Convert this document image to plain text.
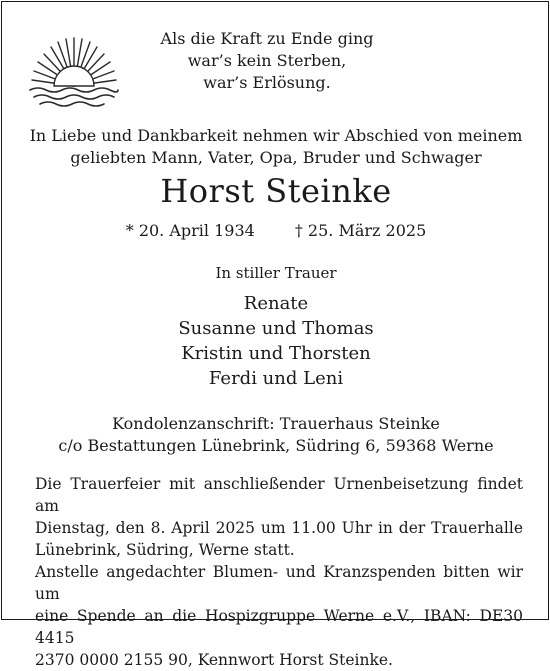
Als die Kraft zu Ende ging
war’s kein Sterben,
war’s Erlösung.
In Liebe und Dankbarkeit nehmen wir Abschied von meinem
geliebten Mann, Vater, Opa, Bruder und Schwager
Horst Steinke
* 20. April 1934	† 25. März 2025
In stiller Trauer
Renate
Susanne und Thomas
Kristin und Thorsten
Ferdi und Leni
Kondolenzanschrift: Trauerhaus Steinke
c/o Bestattungen Lünebrink, Südring 6, 59368 Werne
Die Trauerfeier mit anschließender Urnenbeisetzung findet am
Dienstag, den 8. April 2025 um 11.00 Uhr in der Trauerhalle
Lünebrink, Südring, Werne statt.
Anstelle angedachter Blumen- und Kranzspenden bitten wir um
eine Spende an die Hospizgruppe Werne e.V., IBAN: DE30 4415
2370 0000 2155 90, Kennwort Horst Steinke.
